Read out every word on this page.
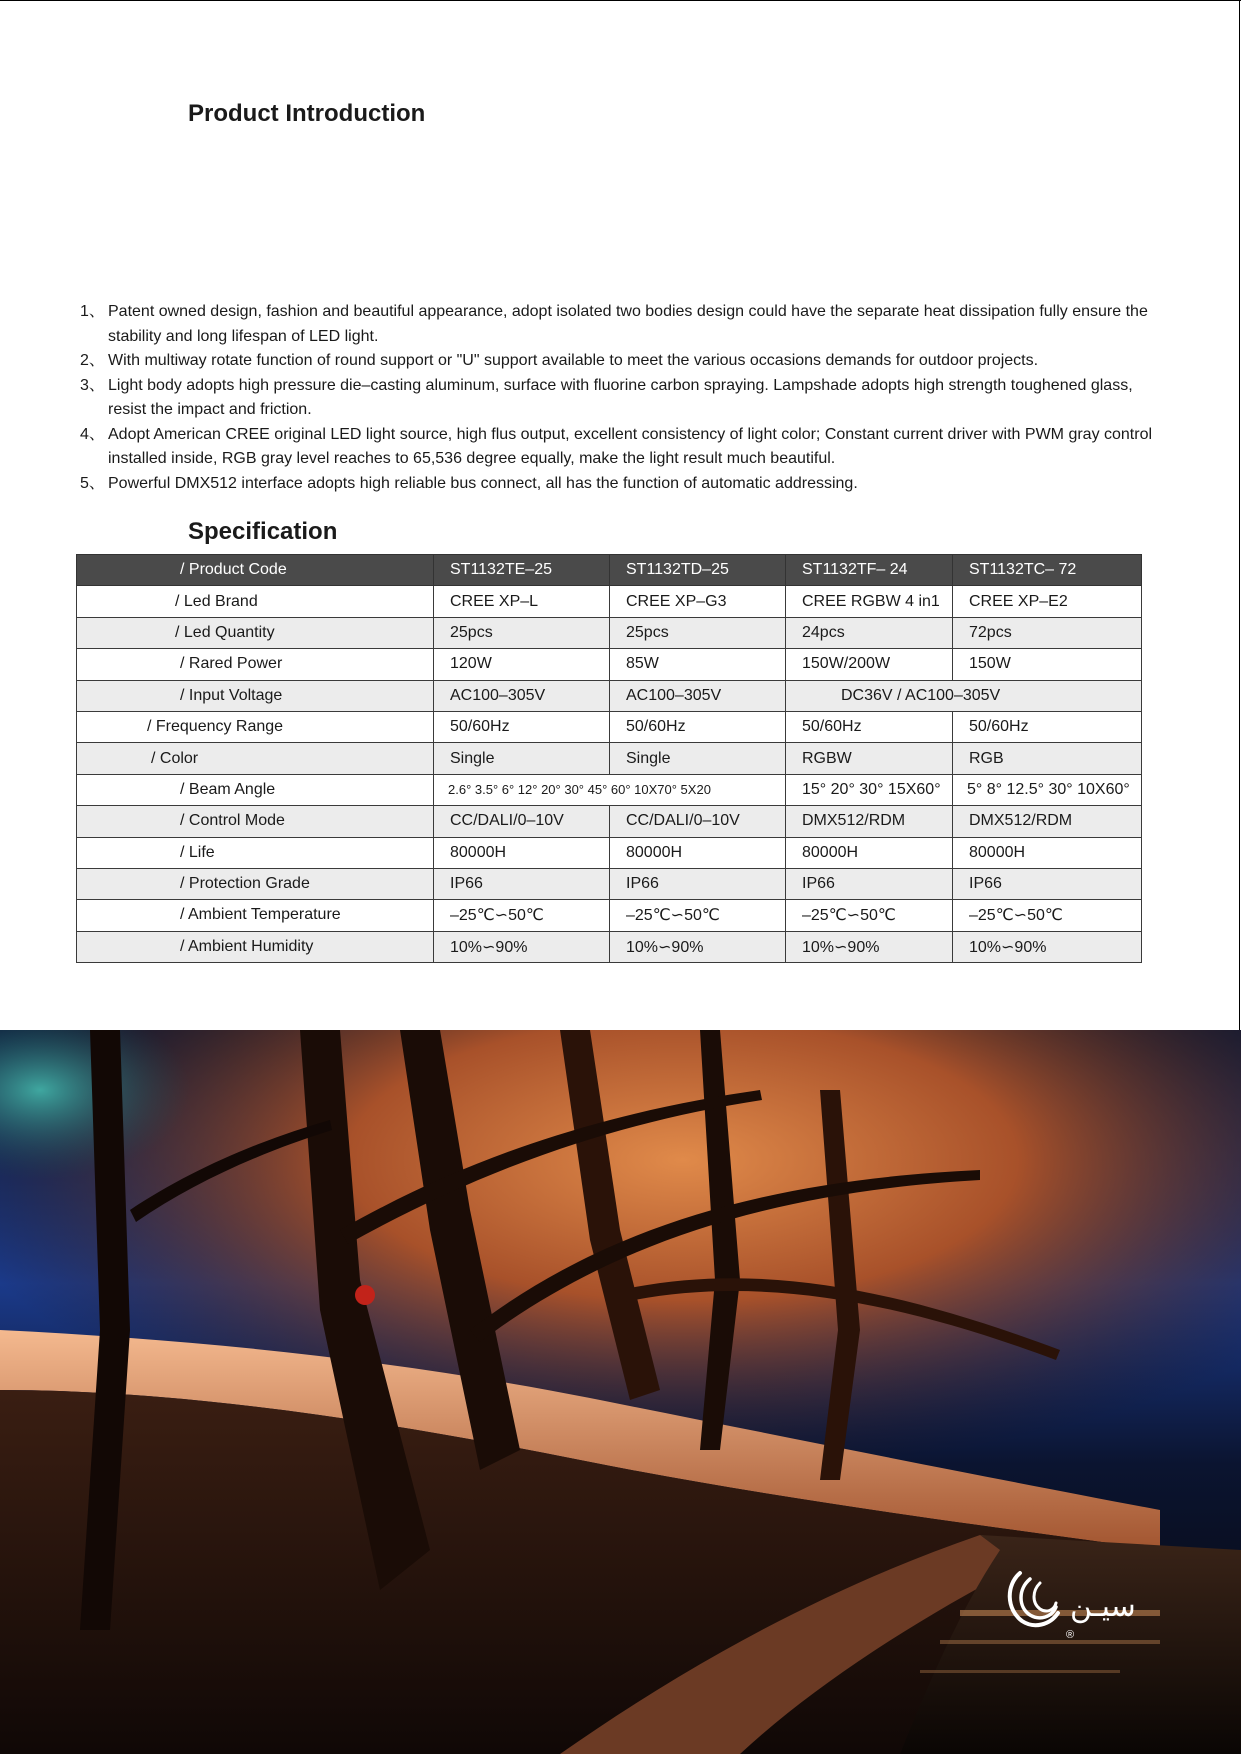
Product Introduction
1、 Patent owned design, fashion and beautiful appearance, adopt isolated two bodies design could have the separate heat dissipation fully ensure the stability and long lifespan of LED light.
2、 With multiway rotate function of round support or "U" support available to meet the various occasions demands for outdoor projects.
3、 Light body adopts high pressure die–casting aluminum, surface with fluorine carbon spraying. Lampshade adopts high strength toughened glass, resist the impact and friction.
4、 Adopt American CREE original LED light source, high flus output, excellent consistency of light color; Constant current driver with PWM gray control installed inside, RGB gray level reaches to 65,536 degree equally, make the light result much beautiful.
5、 Powerful DMX512 interface adopts high reliable bus connect, all has the function of automatic addressing.
Specification
/ Product Code	ST1132TE–25	ST1132TD–25	ST1132TF– 24	ST1132TC– 72
/ Led Brand	CREE XP–L	CREE XP–G3	CREE RGBW 4 in1	CREE XP–E2
/ Led Quantity	25pcs	25pcs	24pcs	72pcs
/ Rared Power	120W	85W	150W/200W	150W
/ Input Voltage	AC100–305V	AC100–305V	DC36V / AC100–305V	
/ Frequency Range	50/60Hz	50/60Hz	50/60Hz	50/60Hz
/ Color	Single	Single	RGBW	RGB
/ Beam Angle	2.6° 3.5° 6° 12° 20° 30° 45° 60° 10X70° 5X20		15° 20° 30° 15X60°	5° 8° 12.5° 30° 10X60°
/ Control Mode	CC/DALI/0–10V	CC/DALI/0–10V	DMX512/RDM	DMX512/RDM
/ Life	80000H	80000H	80000H	80000H
/ Protection Grade	IP66	IP66	IP66	IP66
/ Ambient Temperature	–25℃∽50℃	–25℃∽50℃	–25℃∽50℃	–25℃∽50℃
/ Ambient Humidity	10%∽90%	10%∽90%	10%∽90%	10%∽90%
سيـن
®
